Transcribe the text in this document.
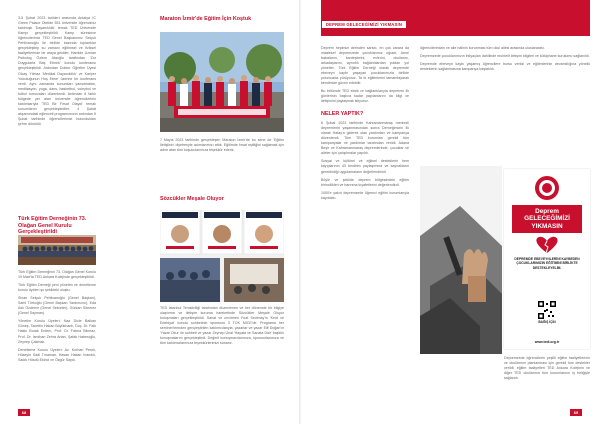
3-5 Şubat 2023 tarihleri arasında Antalya IC Green Palace Otelide 551 üniversite öğrencimiz katılmıştı 'Dayanıklılık' temalı TED Üniversite Kampı gerçekleştirildi. Kamp süresince öğrencilerimiz TED Genel Başkanımız Selçuk Pehlivanoğlu ile birlikte bazında toplantılar gerçekleştirip su zamanı eğitimsel ve fiziksel faaliyetlerinde bir araya geldiler. Hamide Uzman Psikolog Özlem Ataoğlu tarafından 'Zor Duygularla Baş Etmek' konulu konferansı gerçekleştirildi. Ardından Doktor Öğretim Üyesi Olcay Yılmaz 'Medikal Dayanıklılık' ve Kariyer Yolculuğunun Hoş Etme' üzerine bir konferans verdi. Aynı zamanda sunumları yansıtmaları, meditasyon, yoga, dans, basketbol, voleybol ve futbol turnuvaları düzenlendi. Ardından 8 farklı bölgede yer alan üniversite öğrencilerinin katılımlarıyla 'TED Bir Fırsat Olaydı' temalı sunumlarını gerçekleştirdiler. 4 Şubat akşamındaki eğlenceli programımızın ardından 5 Şubat tarihinde öğrencilerimizi bulundukları şehre dönüldü.

Türk Eğitim Derneğinin 73. Olağan Genel Kurulu Gerçekleştirildi

Türk Eğitim Derneğinin 73. Olağan Genel Kurulu 19 Mart'ta TED Ankara Kolejinde gerçekleştirildi.

Türk Eğitim Derneği yeni yönetim ve denetleme kurulu üyeleri şu şekildeki oluştu:

Sinan Selçuk Pehlivanoğlu (Genel Başkan), Sami Türkoğlu (Genel Başkan Yardımcısı), Eda Aslı Özdemir (Genel Sekreter), Gürkan Sönmez (Genel Sayman).

Yönetim Kurulu Üyeleri; Naz Dicle Balkan Güneş, Tacettin Hakan Büyükhanlı, Doç. Dr. Faik Hakkı Burak Erdem, Prof. Dr. Fatma Bikmaz, Prof. Dr. İsmihan Zehra Artan, Şafak Haberoğlu, Zeynep Çakmak.

Denetleme Kurulu Üyeleri: Av. Korhan Perek, Hüseyin Sadi Tınaman, Hasan Hakan İnandık, Sadık Hüsdü Ekinci ve Özgür Saydı.

Maraton İzmir'de Eğitim İçin Koştuk

7 Mayıs 2023 tarihinde gerçekleşen Maraton İzmir'de bu sene de 'Eğitim İletişilsin' diyebenyle adımlarımızı attık. Eğitimde fırsat eşitliğini sağlamak için adım atan tüm koşucularımıza teşekkür ederiz.

Sözcükler Meşale Oluyor

TED İstanbul Temsilciliği tarafından düzenlenen ve her dönemde bir bilgiye ulaştırma ve iletişim kuruma hareketinde Sözcükler Meşale Oluyor buluşmaları gerçekleştirildi. Sanat ve cevirmen Fuat Sevimay'in 'Kent ve Edebiyat' konulu sohbetinin sponsoru 3 TOK MICE'dir. Programa her seminer'lerinden gençleştirilen katılımcılarıyla, yazarlar ve yazar Elif Doğan'ın 'Yazar Okur' ile sohbeti ve yazar Zeynep Ünal 'Hayata ve Sanata Dair' başlıklı konuşmalarını gerçekleştirdi. Değerli konuşmacılarımıza, sponsorlarımıza ve tüm katılımcılarımıza teşekkürlerimizi sunarız.

68
DEPREM GELECEĞİMİZİ YIKMASIN

Deprem hepimizi derinden sarsıtı, en çok zarara da maalesef depremzede çocuklarımız uğradı. Anne babalarını, kardeşlerini, evlerini, okullarını, arkadaşlarını, ayrıntılı bağlantılardan yoldan yol yönetler. Türk Eğitim Derneği olarak depremde ebeveyn kaybı yaşayan çocuklarımızla birlikte yolumuzda yürüyoruz. Ta ki eğitimlerini tamamlayarak kendimize güven edebilir.

Bu bölümde TED eksik ve bağlantılarıyla depremin ilk günlerinin başlıca kadar yapılanlarını da bilgi ve iletişimini paylaşmak istiyoruz.

NELER YAPTIK?

6 Şubat 2023 tarihinde Kahramanmaraş merkezli depremlerin yaşanmasından sonra Derneğimizin ilk olarak Hatay'a giderek olan yardımları ve kampanya düzenlendi. Tüm TED kurumları gerekli tüm kampanyalar ve yardımlar tarafından verildi. Adana Beşir ve Kahramanmaraş depremlerinde, çocuklar ve aileler için çalışılmalar yapıldı.

Sosyal ve kültürel ve eğitsel desteklerin hem kayıplarının 43 bindirim paylaşımına ve kaynakların gerektirdiği uygulamaların değerlendirildi.

Böyle ve şekilde deprem bölgesindeki eğitim birincilikleri ve barınma kıyafetlerini değerlendirdi.

1000'e yakın depremzede öğrenci eğitim kurumlarıyla kaydoldu.

öğrencilerimizin ve aile hâlinin korunması tüm okul ailesi arasında uluslararası.

Depremzede çocuklarımızın ihtiyaçları dahilinde muhtelif iletişim bilgileri ve kütüphane kurulumu sağlanıldı.

Depremde ebeveyn kaybı yaşamış öğrencilere bursu verildi ve eğitimlerinin devamlılığına yönelik desteklerin sağlanmasına kampanya başlatıldı.

Deprem GELECEĞİMİZİ YIKMASIN
DEPREMDE EBEVEYNLERİNİ KAYBEDEN ÇOCUKLARIMIZIN EĞİTİMİNİ BİRLİKTE DESTEKLEYELİM.
BAĞIŞ İÇİN
www.tedi.org.tr

Depremzede öğrencilerin çeşitli eğitim faaliyetlerinin ve okullarının planlanması için gerekli tüm destekler verildi; eğitim faaliyetleri TED Ankara Kolejinin ve diğer TED okullarının tüm kurumlarının iş birliğiyle sağlandı.

69
